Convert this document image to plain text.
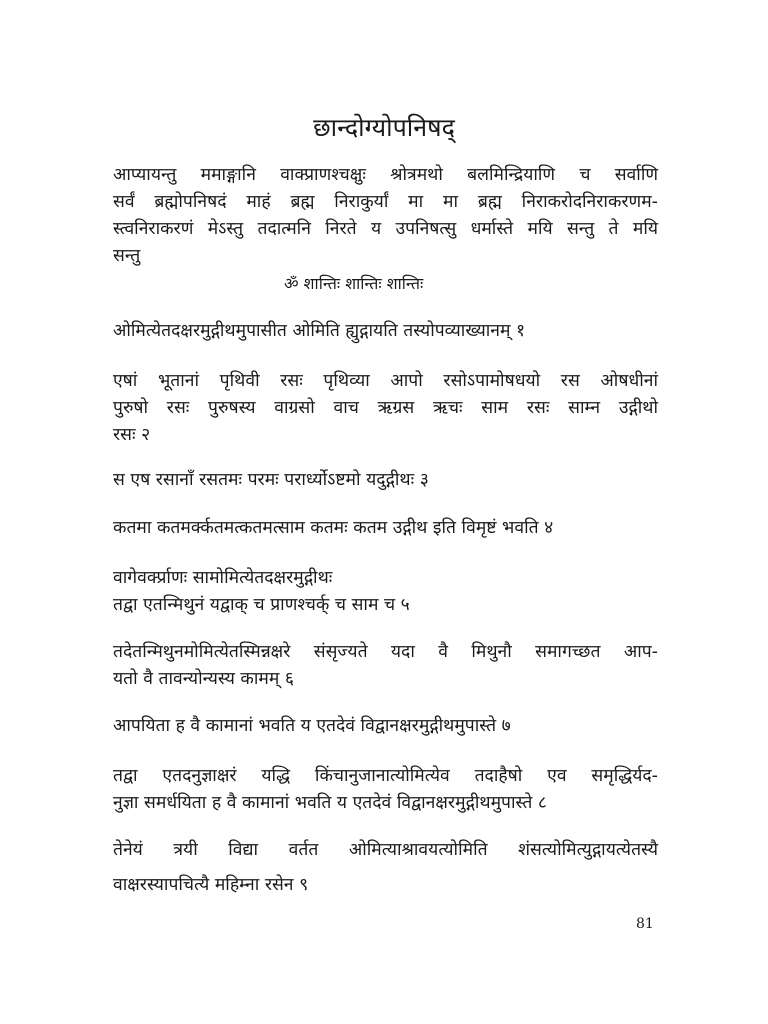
छान्दोग्योपनिषद्
आप्यायन्तु ममाङ्गानि वाक्प्राणश्चक्षुः श्रोत्रमथो बलमिन्द्रियाणि च सर्वाणि
सर्वं ब्रह्मोपनिषदं माहं ब्रह्म निराकुर्यां मा मा ब्रह्म निराकरोदनिराकरणम-
स्त्वनिराकरणं मेऽस्तु तदात्मनि निरते य उपनिषत्सु धर्मास्ते मयि सन्तु ते मयि
सन्तु
ॐ शान्तिः शान्तिः शान्तिः
ओमित्येतदक्षरमुद्गीथमुपासीत ओमिति ह्युद्गायति तस्योपव्याख्यानम् १
एषां भूतानां पृथिवी रसः पृथिव्या आपो रसोऽपामोषधयो रस ओषधीनां
पुरुषो रसः पुरुषस्य वाग्रसो वाच ऋग्रस ऋचः साम रसः साम्न उद्गीथो
रसः २
स एष रसानाँ रसतमः परमः परार्ध्योऽष्टमो यदुद्गीथः ३
कतमा कतमर्क्कतमत्कतमत्साम कतमः कतम उद्गीथ इति विमृष्टं भवति ४
वागेवर्क्प्राणः सामोमित्येतदक्षरमुद्गीथः
तद्वा एतन्मिथुनं यद्वाक् च प्राणश्चर्क् च साम च ५
तदेतन्मिथुनमोमित्येतस्मिन्नक्षरे संसृज्यते यदा वै मिथुनौ समागच्छत आप-
यतो वै तावन्योन्यस्य कामम् ६
आपयिता ह वै कामानां भवति य एतदेवं विद्वानक्षरमुद्गीथमुपास्ते ७
तद्वा एतदनुज्ञाक्षरं यद्धि किंचानुजानात्योमित्येव तदाहैषो एव समृद्धिर्यद-
नुज्ञा समर्धयिता ह वै कामानां भवति य एतदेवं विद्वानक्षरमुद्गीथमुपास्ते ८
तेनेयं त्रयी विद्या वर्तत ओमित्याश्रावयत्योमिति शंसत्योमित्युद्गायत्येतस्यै
वाक्षरस्यापचित्यै महिम्ना रसेन ९
81
